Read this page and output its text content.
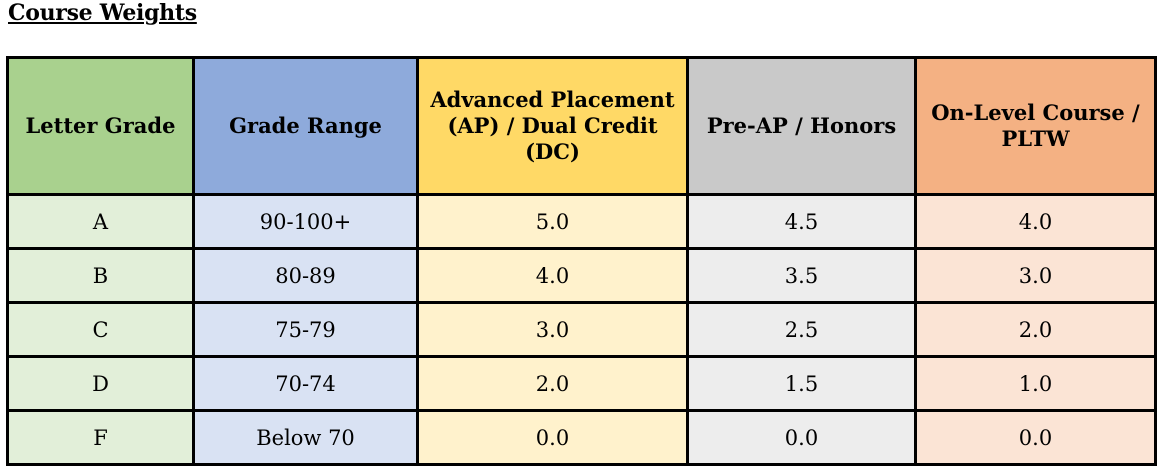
Course Weights
Letter Grade	Grade Range	Advanced Placement (AP) / Dual Credit (DC)	Pre-AP / Honors	On-Level Course / PLTW
A	90-100+	5.0	4.5	4.0
B	80-89	4.0	3.5	3.0
C	75-79	3.0	2.5	2.0
D	70-74	2.0	1.5	1.0
F	Below 70	0.0	0.0	0.0
